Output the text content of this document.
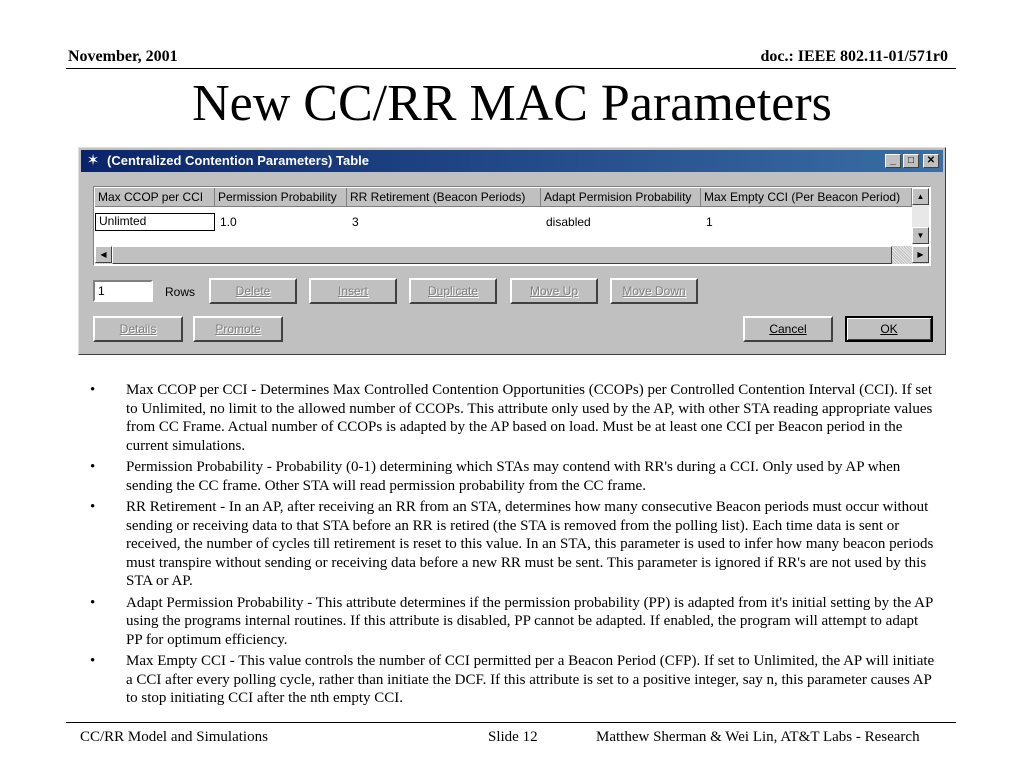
November, 2001	doc.: IEEE 802.11-01/571r0
New CC/RR MAC Parameters
✶ (Centralized Contention Parameters) Table	_	□	✕
Max CCOP per CCI	Permission Probability	RR Retirement (Beacon Periods)	Adapt Permision Probability	Max Empty CCI (Per Beacon Period)
Unlimted	1.0	3	disabled	1
▲
▼
◀	▶
1	Rows	Delete	Insert	Duplicate	Move Up	Move Down
Details	Promote	Cancel	OK
• Max CCOP per CCI - Determines Max Controlled Contention Opportunities (CCOPs) per Controlled Contention Interval (CCI). If set to Unlimited, no limit to the allowed number of CCOPs. This attribute only used by the AP, with other STA reading appropriate values from CC Frame. Actual number of CCOPs is adapted by the AP based on load. Must be at least one CCI per Beacon period in the current simulations.
• Permission Probability - Probability (0-1) determining which STAs may contend with RR's during a CCI. Only used by AP when sending the CC frame. Other STA will read permission probability from the CC frame.
• RR Retirement - In an AP, after receiving an RR from an STA, determines how many consecutive Beacon periods must occur without sending or receiving data to that STA before an RR is retired (the STA is removed from the polling list). Each time data is sent or received, the number of cycles till retirement is reset to this value. In an STA, this parameter is used to infer how many beacon periods must transpire without sending or receiving data before a new RR must be sent. This parameter is ignored if RR's are not used by this STA or AP.
• Adapt Permission Probability - This attribute determines if the permission probability (PP) is adapted from it's initial setting by the AP using the programs internal routines. If this attribute is disabled, PP cannot be adapted. If enabled, the program will attempt to adapt PP for optimum efficiency.
• Max Empty CCI - This value controls the number of CCI permitted per a Beacon Period (CFP). If set to Unlimited, the AP will initiate a CCI after every polling cycle, rather than initiate the DCF. If this attribute is set to a positive integer, say n, this parameter causes AP to stop initiating CCI after the nth empty CCI.
CC/RR Model and Simulations	Slide 12	Matthew Sherman & Wei Lin, AT&T Labs - Research
